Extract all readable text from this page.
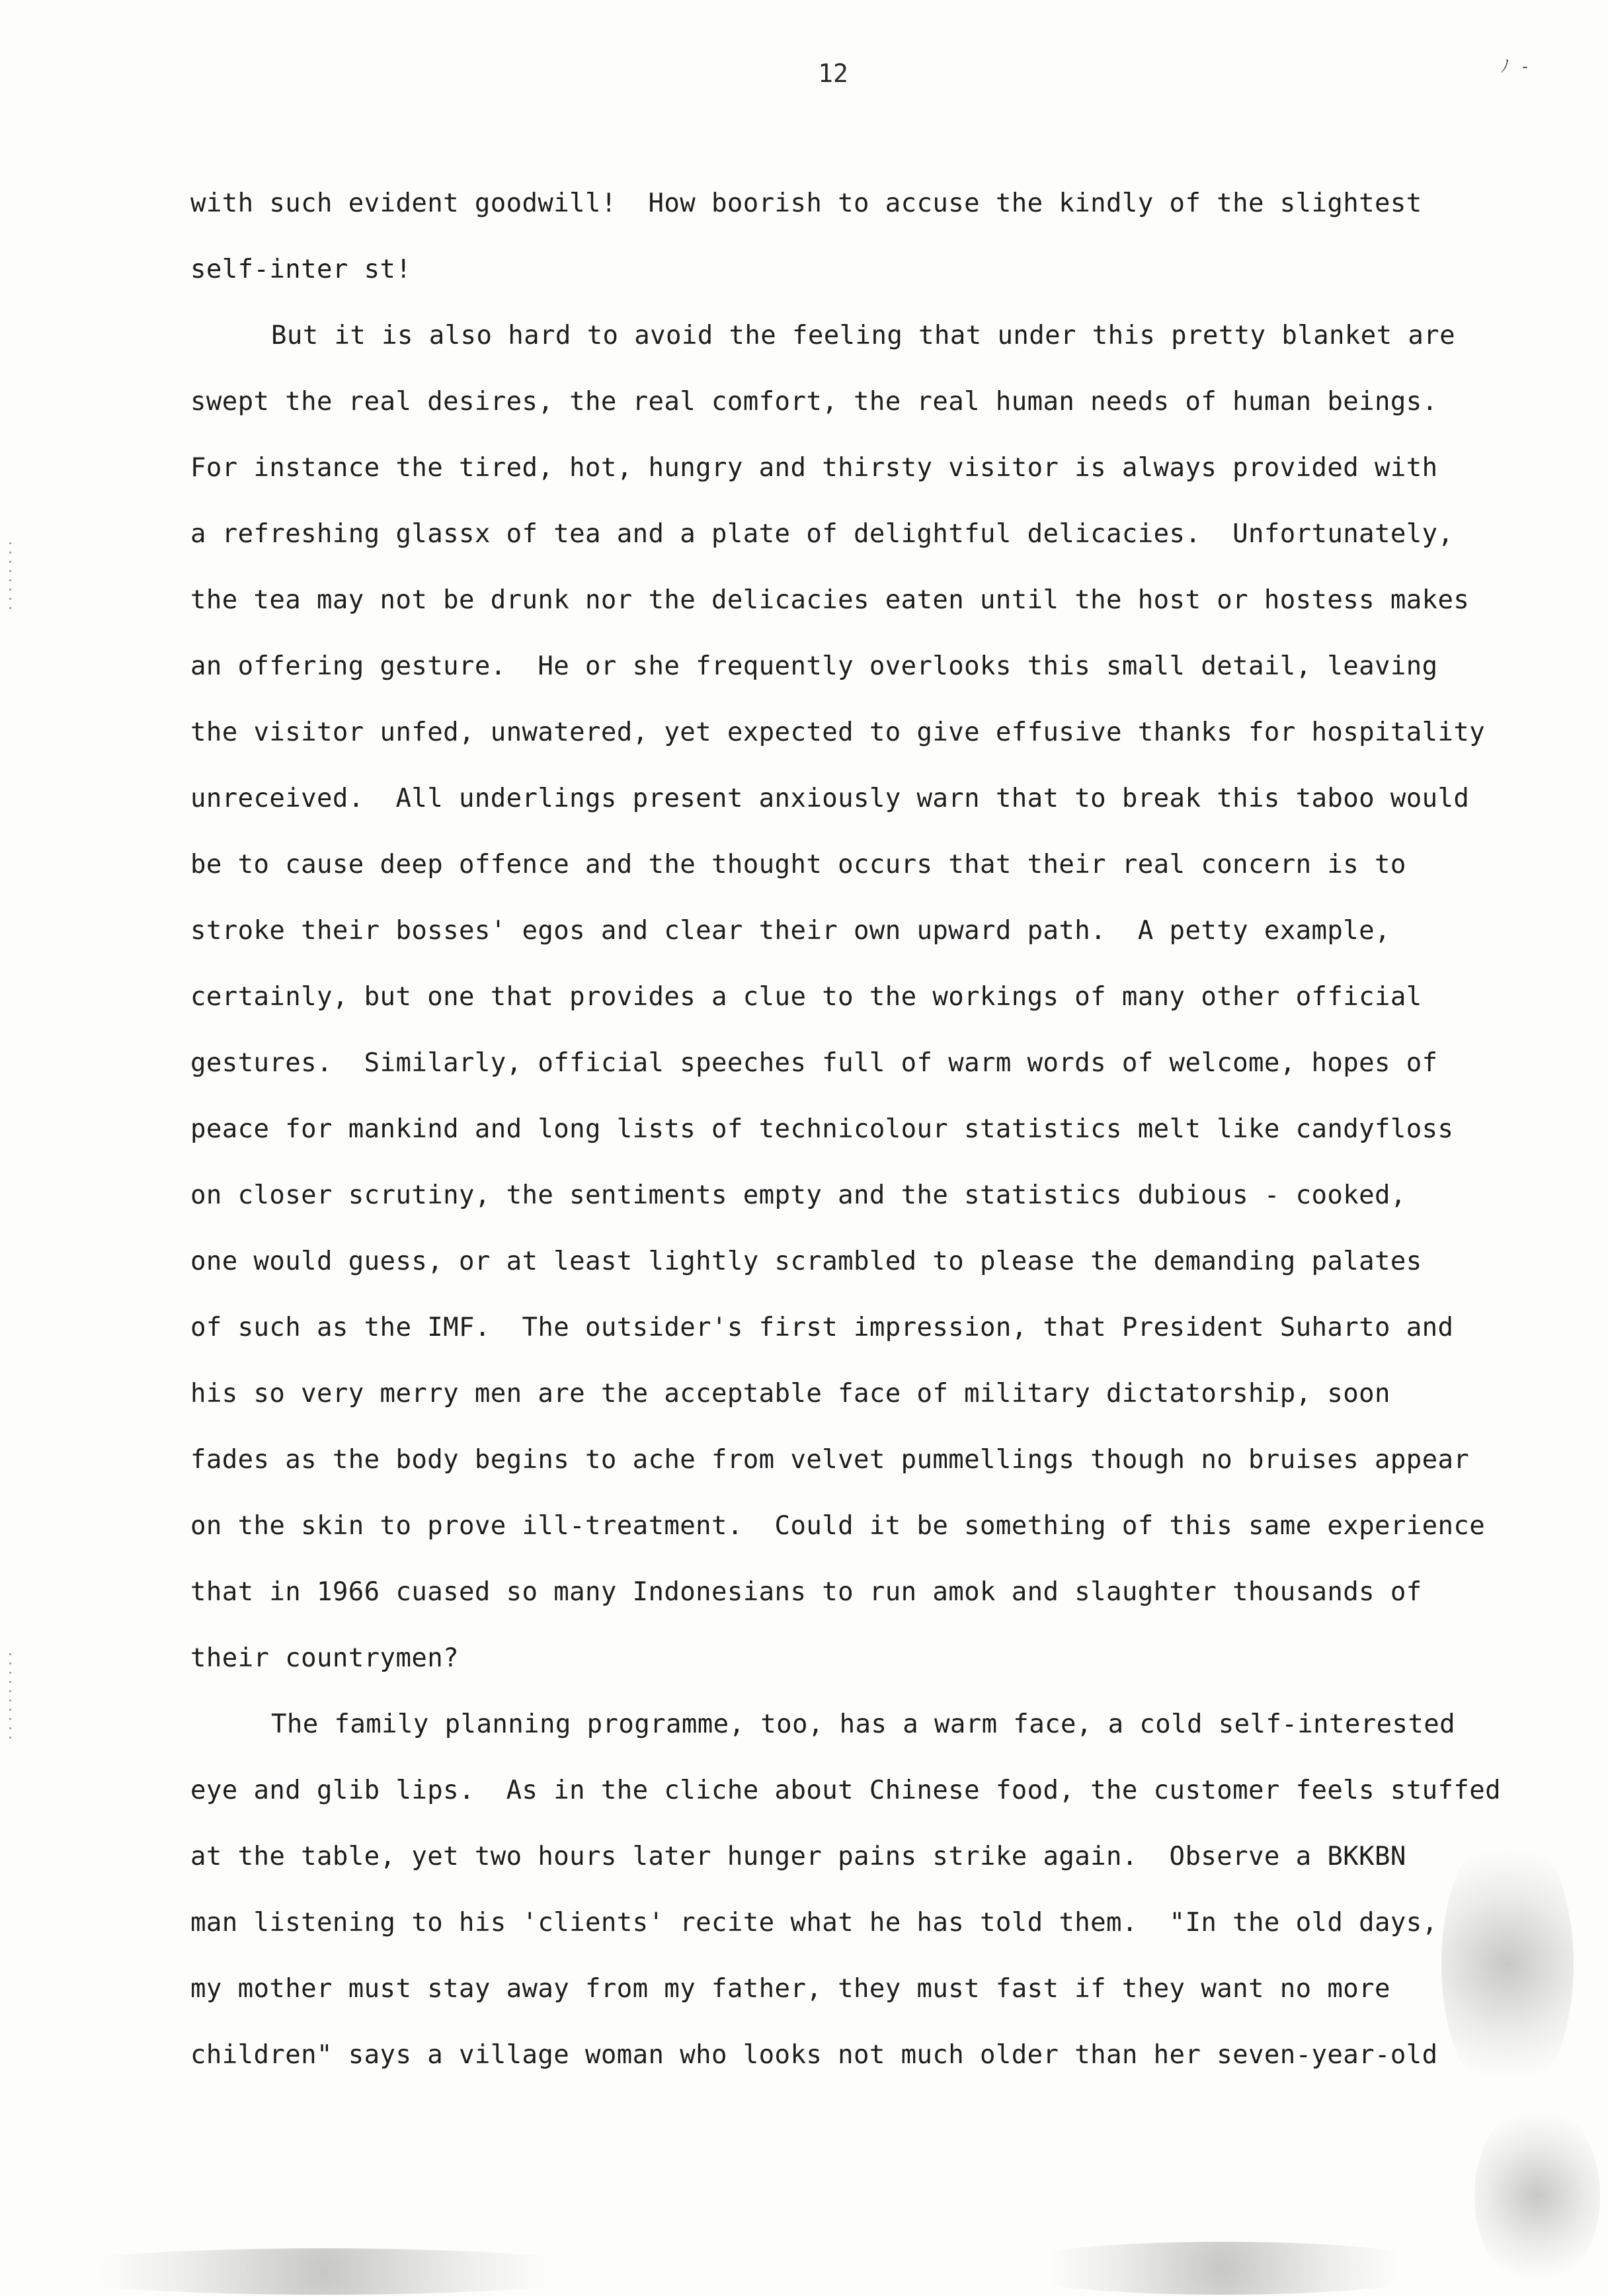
12	ﾉ ‐
with such evident goodwill!  How boorish to accuse the kindly of the slightest
self-inter st!
But it is also hard to avoid the feeling that under this pretty blanket are
swept the real desires, the real comfort, the real human needs of human beings.
For instance the tired, hot, hungry and thirsty visitor is always provided with
a refreshing glassx of tea and a plate of delightful delicacies.  Unfortunately,
the tea may not be drunk nor the delicacies eaten until the host or hostess makes
an offering gesture.  He or she frequently overlooks this small detail, leaving
the visitor unfed, unwatered, yet expected to give effusive thanks for hospitality
unreceived.  All underlings present anxiously warn that to break this taboo would
be to cause deep offence and the thought occurs that their real concern is to
stroke their bosses' egos and clear their own upward path.  A petty example,
certainly, but one that provides a clue to the workings of many other official
gestures.  Similarly, official speeches full of warm words of welcome, hopes of
peace for mankind and long lists of technicolour statistics melt like candyfloss
on closer scrutiny, the sentiments empty and the statistics dubious - cooked,
one would guess, or at least lightly scrambled to please the demanding palates
of such as the IMF.  The outsider's first impression, that President Suharto and
his so very merry men are the acceptable face of military dictatorship, soon
fades as the body begins to ache from velvet pummellings though no bruises appear
on the skin to prove ill-treatment.  Could it be something of this same experience
that in 1966 cuased so many Indonesians to run amok and slaughter thousands of
their countrymen?
The family planning programme, too, has a warm face, a cold self-interested
eye and glib lips.  As in the cliche about Chinese food, the customer feels stuffed
at the table, yet two hours later hunger pains strike again.  Observe a BKKBN
man listening to his 'clients' recite what he has told them.  "In the old days,
my mother must stay away from my father, they must fast if they want no more
children" says a village woman who looks not much older than her seven-year-old
